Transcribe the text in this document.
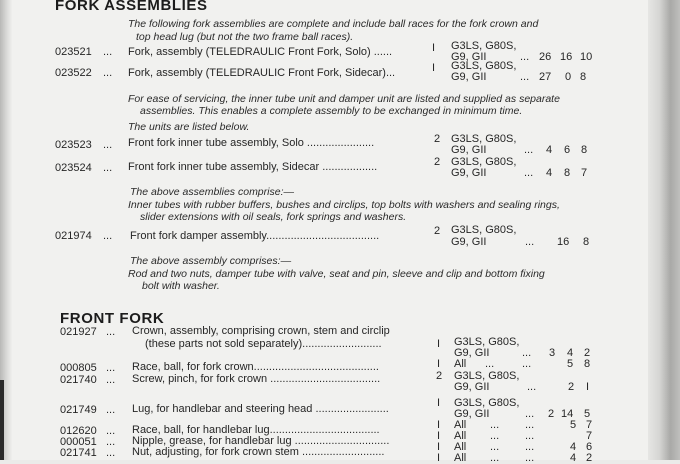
FORK ASSEMBLIES
The following fork assemblies are complete and include ball races for the fork crown and
top head lug (but not the two frame ball races).
023521 ... Fork, assembly (TELEDRAULIC Front Fork, Solo) ......	I G3LS, G80S,
G9, GII	... 26 16 10
023522 ... Fork, assembly (TELEDRAULIC Front Fork, Sidecar)...	I G3LS, G80S,
G9, GII	... 27 0 8
For ease of servicing, the inner tube unit and damper unit are listed and supplied as separate
assemblies. This enables a complete assembly to be exchanged in minimum time.
The units are listed below.
023523 ... Front fork inner tube assembly, Solo ......................	2 G3LS, G80S,
G9, GII	... 4 6 8
023524 ... Front fork inner tube assembly, Sidecar ..................	2 G3LS, G80S,
G9, GII	... 4 8 7
The above assemblies comprise:—
Inner tubes with rubber buffers, bushes and circlips, top bolts with washers and sealing rings,
slider extensions with oil seals, fork springs and washers.
021974 ... Front fork damper assembly.....................................	2 G3LS, G80S,
G9, GII	... 16 8
The above assembly comprises:—
Rod and two nuts, damper tube with valve, seat and pin, sleeve and clip and bottom fixing
bolt with washer.
FRONT FORK
021927 ... Crown, assembly, comprising crown, stem and circlip
(these parts not sold separately)..........................	I G3LS, G80S,
G9, GII	... 3 4 2
000805 ... Race, ball, for fork crown.........................................	I All ...	...	5 8
021740 ... Screw, pinch, for fork crown ....................................	2 G3LS, G80S,
G9, GII	...	2 I
021749 ... Lug, for handlebar and steering head ........................	I G3LS, G80S,
G9, GII	... 2 14 5
012620 ... Race, ball, for handlebar lug....................................	I All ... ...	5 7
000051 ... Nipple, grease, for handlebar lug ...............................	I All ... ...	7
021741 ... Nut, adjusting, for fork crown stem ...........................	I All ... ...	4 6
I All ... ...	4 2
